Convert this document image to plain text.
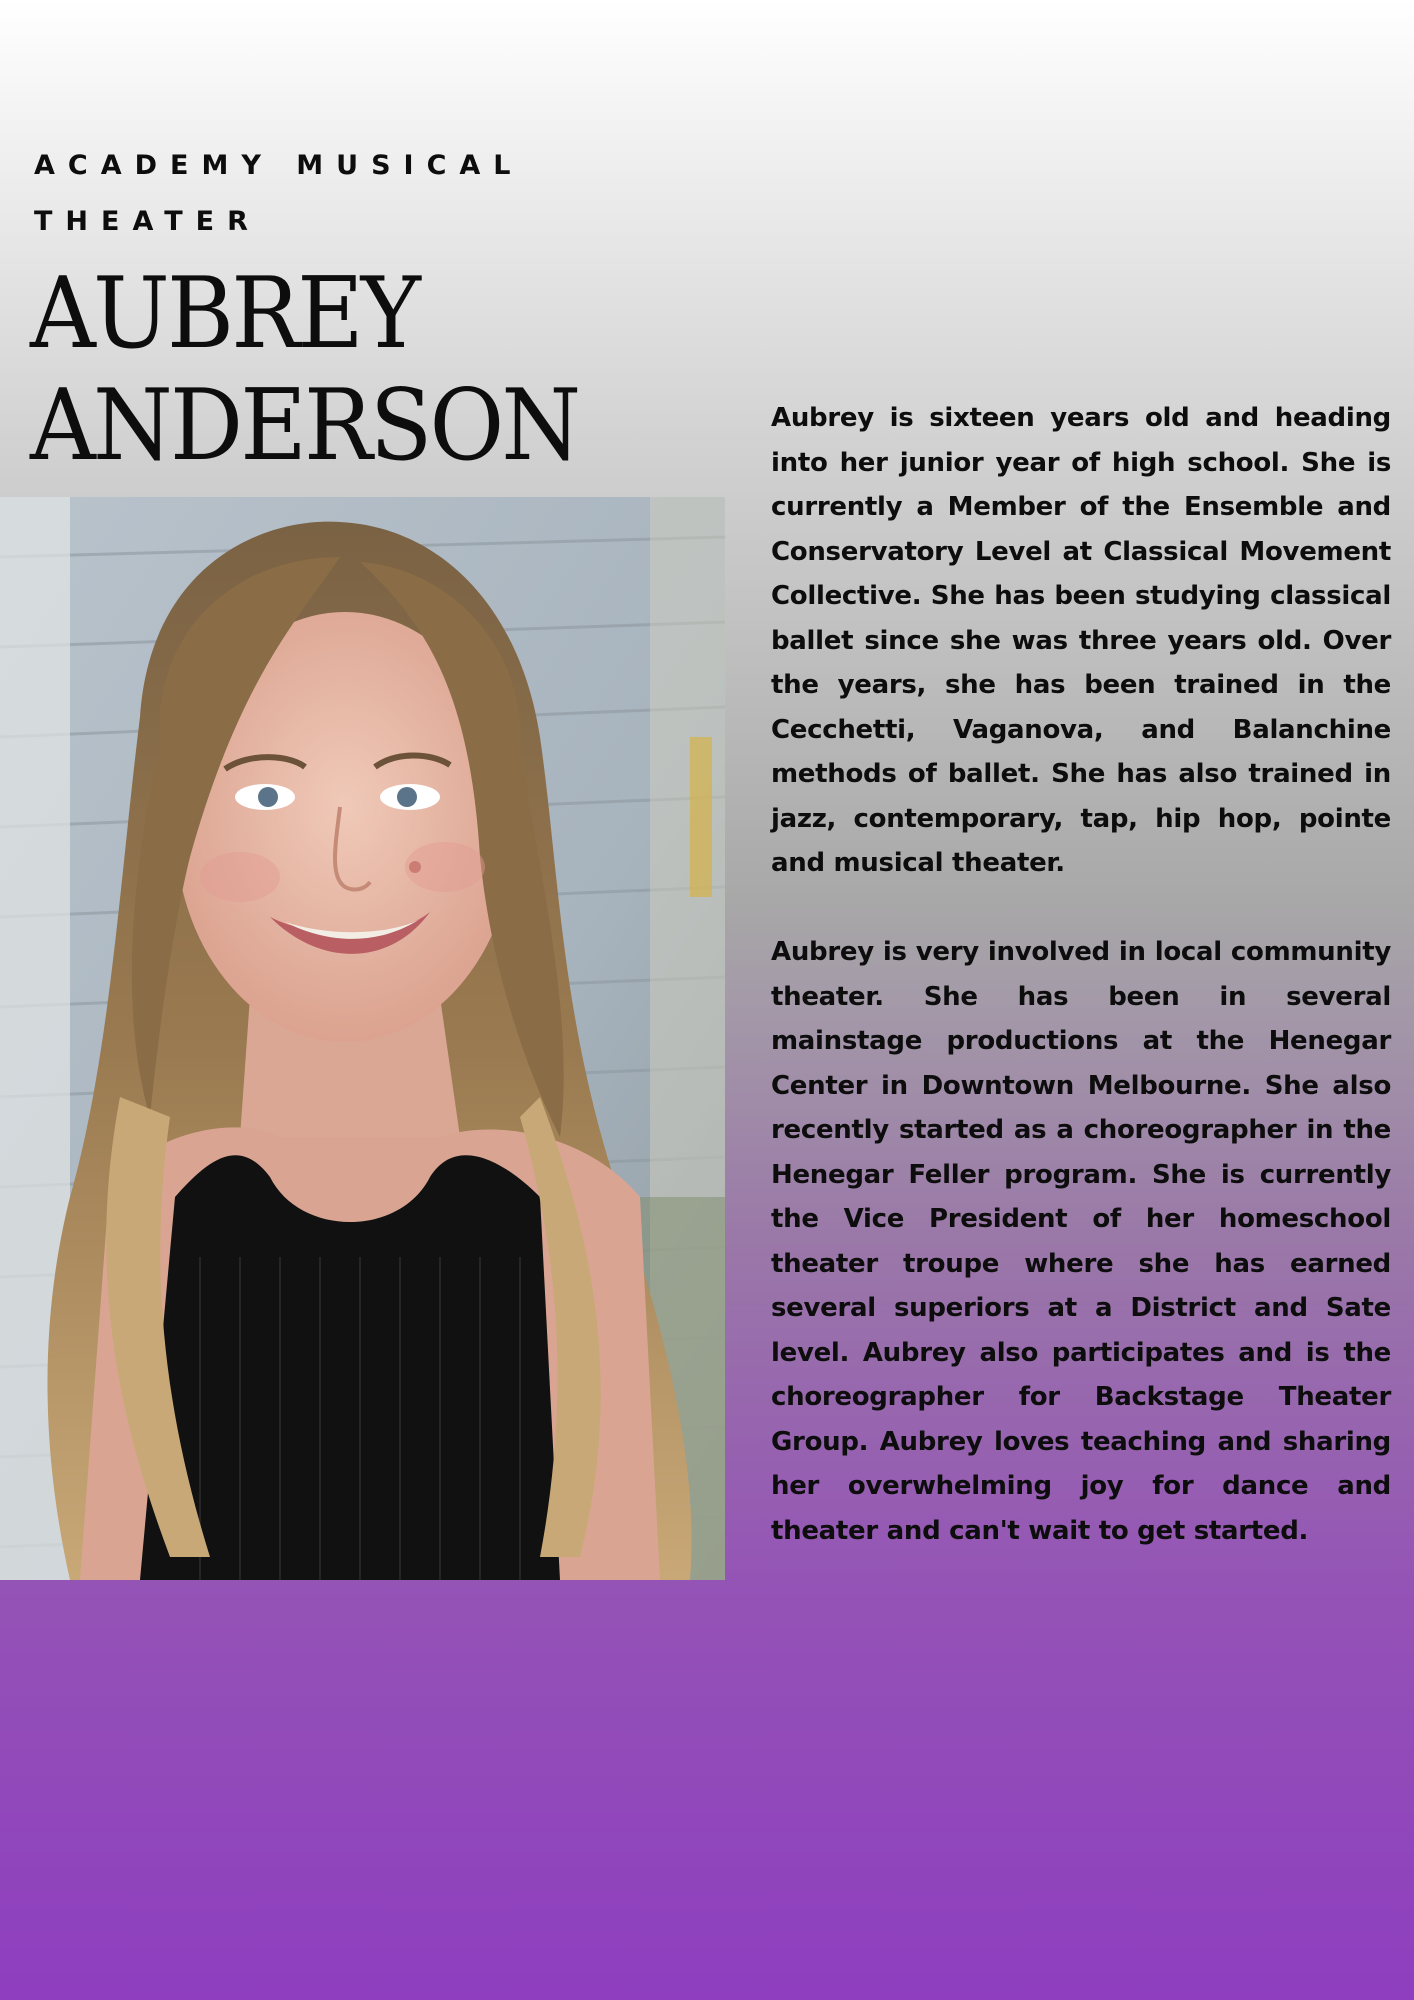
ACADEMY MUSICAL THEATER

AUBREY
ANDERSON	Aubrey is sixteen years old and heading into her junior year of high school. She is currently a Member of the Ensemble and Conservatory Level at Classical Movement Collective. She has been studying classical ballet since she was three years old. Over the years, she has been trained in the Cecchetti, Vaganova, and Balanchine methods of ballet. She has also trained in jazz, contemporary, tap, hip hop, pointe and musical theater.

Aubrey is very involved in local community theater. She has been in several mainstage productions at the Henegar Center in Downtown Melbourne. She also recently started as a choreographer in the Henegar Feller program. She is currently the Vice President of her homeschool theater troupe where she has earned several superiors at a District and Sate level. Aubrey also participates and is the choreographer for Backstage Theater Group. Aubrey loves teaching and sharing her overwhelming joy for dance and theater and can't wait to get started.
